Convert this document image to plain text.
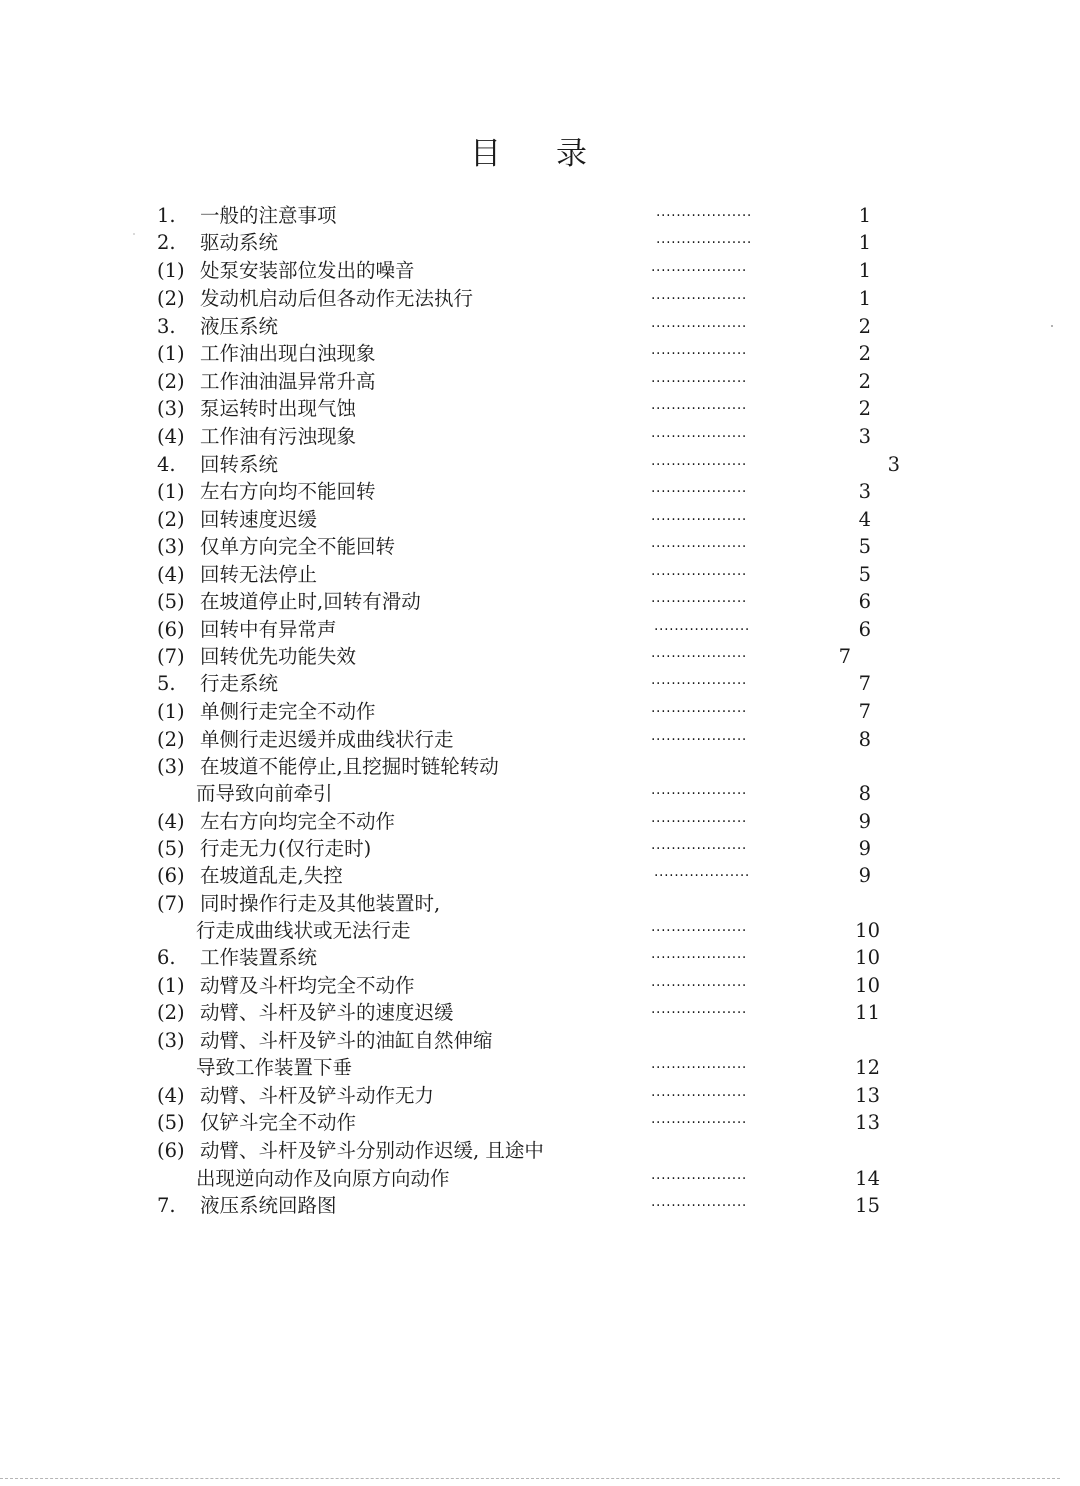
目 录
1. 一般的注意事项	···················	1
2. 驱动系统	···················	1
(1) 处泵安装部位发出的噪音	···················	1
(2) 发动机启动后但各动作无法执行	···················	1
3. 液压系统	···················	2
(1) 工作油出现白浊现象	···················	2
(2) 工作油油温异常升高	···················	2
(3) 泵运转时出现气蚀	···················	2
(4) 工作油有污浊现象	···················	3
4. 回转系统	···················	3
(1) 左右方向均不能回转	···················	3
(2) 回转速度迟缓	···················	4
(3) 仅单方向完全不能回转	···················	5
(4) 回转无法停止	···················	5
(5) 在坡道停止时,回转有滑动	···················	6
(6) 回转中有异常声	···················	6
(7) 回转优先功能失效	···················	7
5. 行走系统	···················	7
(1) 单侧行走完全不动作	···················	7
(2) 单侧行走迟缓并成曲线状行走	···················	8
(3) 在坡道不能停止,且挖掘时链轮转动
而导致向前牵引	···················	8
(4) 左右方向均完全不动作	···················	9
(5) 行走无力(仅行走时)	···················	9
(6) 在坡道乱走,失控	···················	9
(7) 同时操作行走及其他装置时,
行走成曲线状或无法行走	···················	10
6. 工作装置系统	···················	10
(1) 动臂及斗杆均完全不动作	···················	10
(2) 动臂、斗杆及铲斗的速度迟缓	···················	11
(3) 动臂、斗杆及铲斗的油缸自然伸缩
导致工作装置下垂	···················	12
(4) 动臂、斗杆及铲斗动作无力	···················	13
(5) 仅铲斗完全不动作	···················	13
(6) 动臂、斗杆及铲斗分别动作迟缓, 且途中
出现逆向动作及向原方向动作	···················	14
7. 液压系统回路图	···················	15
